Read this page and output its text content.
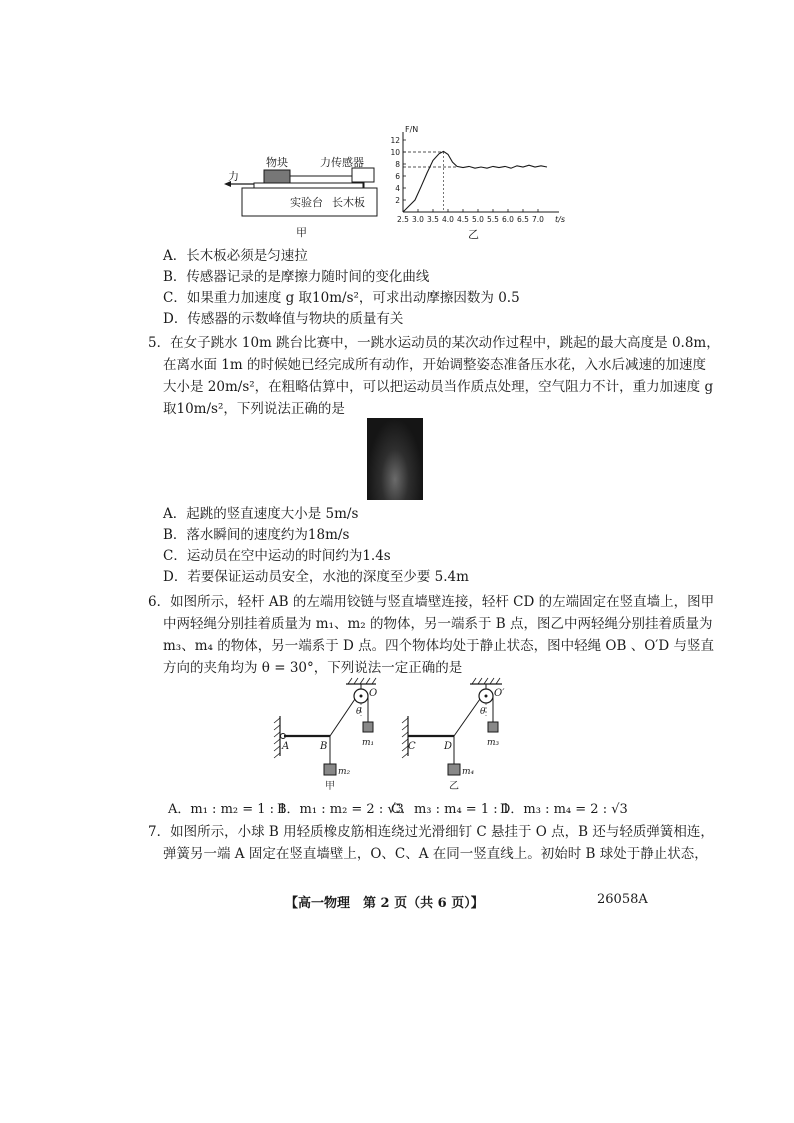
力
物块	力传感器
实验台 长木板
甲
F/N
t/s
2
4
6
8
10
12
2.5 3.0 3.5 4.0 4.5 5.0 5.5 6.0 6.5 7.0
乙
A．长木板必须是匀速拉
B．传感器记录的是摩擦力随时间的变化曲线
C．如果重力加速度 g 取10m/s²，可求出动摩擦因数为 0.5
D．传感器的示数峰值与物块的质量有关
5．在女子跳水 10m 跳台比赛中，一跳水运动员的某次动作过程中，跳起的最大高度是 0.8m，
在离水面 1m 的时候她已经完成所有动作，开始调整姿态准备压水花，入水后减速的加速度
大小是 20m/s²，在粗略估算中，可以把运动员当作质点处理，空气阻力不计，重力加速度 g
取10m/s²，下列说法正确的是
A．起跳的竖直速度大小是 5m/s
B．落水瞬间的速度约为18m/s
C．运动员在空中运动的时间约为1.4s
D．若要保证运动员安全，水池的深度至少要 5.4m
6．如图所示，轻杆 AB 的左端用铰链与竖直墙壁连接，轻杆 CD 的左端固定在竖直墙上，图甲
中两轻绳分别挂着质量为 m₁、m₂ 的物体，另一端系于 B 点，图乙中两轻绳分别挂着质量为
m₃、m₄ 的物体，另一端系于 D 点。四个物体均处于静止状态，图中轻绳 OB 、O′D 与竖直
方向的夹角均为 θ = 30°，下列说法一定正确的是
O
A	B
θ
m₁
m₂
甲
O′
C	D
θ
m₃
m₄
乙
A．m₁ : m₂ = 1 : 1
B．m₁ : m₂ = 2 : √3
C．m₃ : m₄ = 1 : 1
D．m₃ : m₄ = 2 : √3
7．如图所示，小球 B 用轻质橡皮筋相连绕过光滑细钉 C 悬挂于 O 点，B 还与轻质弹簧相连，
弹簧另一端 A 固定在竖直墙壁上，O、C、A 在同一竖直线上。初始时 B 球处于静止状态，
【高一物理　第 2 页（共 6 页）】	26058A
